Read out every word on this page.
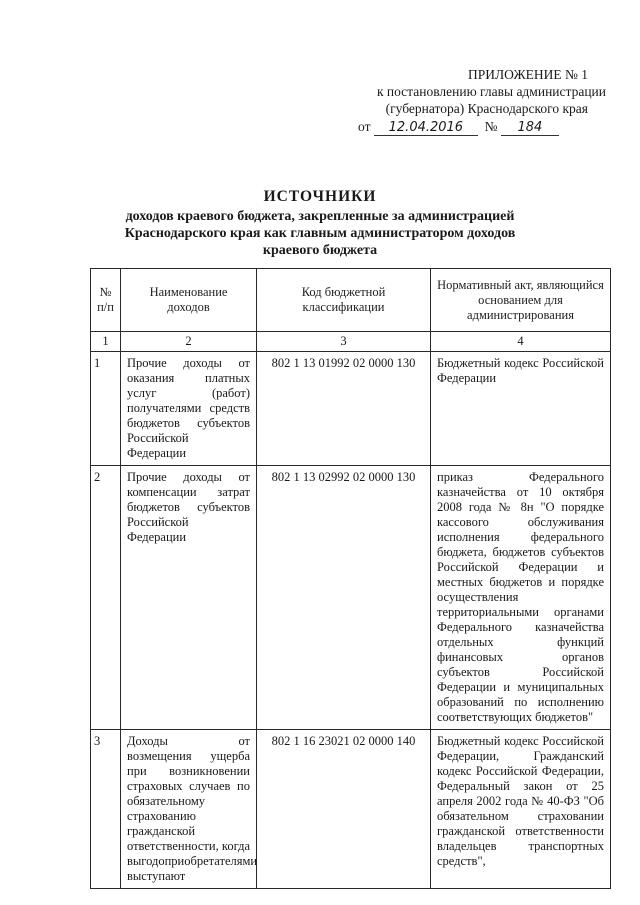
ПРИЛОЖЕНИЕ № 1
к постановлению главы администрации
(губернатора) Краснодарского края
от 12.04.2016 № 184
ИСТОЧНИКИ
доходов краевого бюджета, закрепленные за администрацией
Краснодарского края как главным администратором доходов
краевого бюджета
№ п/п	Наименование доходов	Код бюджетной классификации	Нормативный акт, являющийся основанием для администрирования
1	2	3	4
1	Прочие доходы от оказания платных услуг (работ) получателями средств бюджетов субъектов Российской Федерации	802 1 13 01992 02 0000 130	Бюджетный кодекс Российской Федерации
2	Прочие доходы от компенсации затрат бюджетов субъектов Российской Федерации	802 1 13 02992 02 0000 130	приказ Федерального казначейства от 10 октября 2008 года № 8н "О порядке кассового обслуживания исполнения федерального бюджета, бюджетов субъектов Российской Федерации и местных бюджетов и порядке осуществления территориальными органами Федерального казначейства отдельных функций финансовых органов субъектов Российской Федерации и муниципальных образований по исполнению соответствующих бюджетов"
3	Доходы от возмещения ущерба при возникновении страховых случаев по обязательному страхованию гражданской ответственности, когда выгодоприобретателями выступают	802 1 16 23021 02 0000 140	Бюджетный кодекс Российской Федерации, Гражданский кодекс Российской Федерации, Федеральный закон от 25 апреля 2002 года № 40-ФЗ "Об обязательном страховании гражданской ответственности владельцев транспортных средств",
